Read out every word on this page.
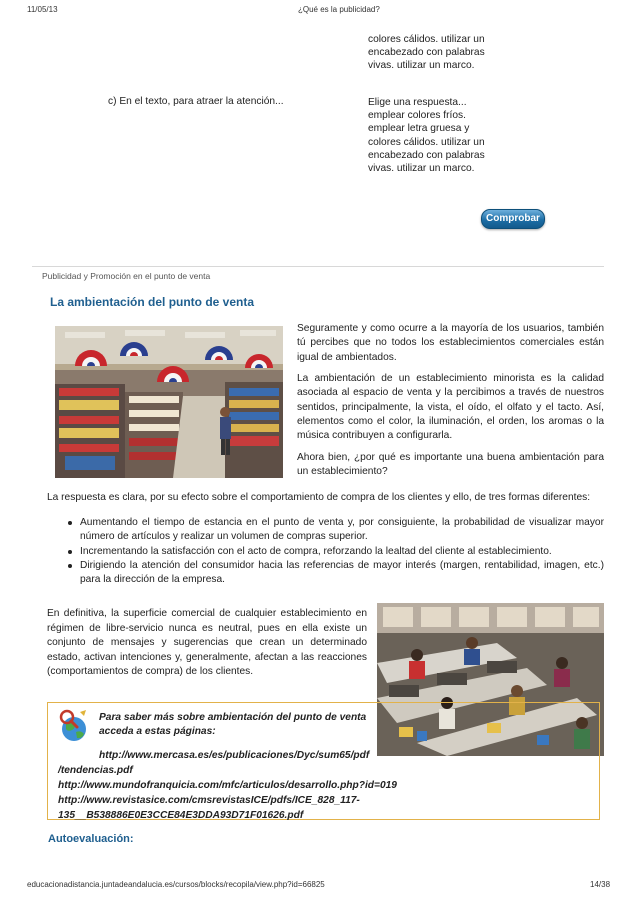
11/05/13	¿Qué es la publicidad?
colores cálidos. utilizar un encabezado con palabras vivas. utilizar un marco.
c) En el texto, para atraer la atención...	Elige una respuesta... emplear colores fríos. emplear letra gruesa y colores cálidos. utilizar un encabezado con palabras vivas. utilizar un marco.
Comprobar
Publicidad y Promoción en el punto de venta
La ambientación del punto de venta

Seguramente y como ocurre a la mayoría de los usuarios, también tú percibes que no todos los establecimientos comerciales están igual de ambientados.

La ambientación de un establecimiento minorista es la calidad asociada al espacio de venta y la percibimos a través de nuestros sentidos, principalmente, la vista, el oído, el olfato y el tacto. Así, elementos como el color, la iluminación, el orden, los aromas o la música contribuyen a configurarla.

Ahora bien, ¿por qué es importante una buena ambientación para un establecimiento?

La respuesta es clara, por su efecto sobre el comportamiento de compra de los clientes y ello, de tres formas diferentes:

Aumentando el tiempo de estancia en el punto de venta y, por consiguiente, la probabilidad de visualizar mayor número de artículos y realizar un volumen de compras superior.
Incrementando la satisfacción con el acto de compra, reforzando la lealtad del cliente al establecimiento.
Dirigiendo la atención del consumidor hacia las referencias de mayor interés (margen, rentabilidad, imagen, etc.) para la dirección de la empresa.

En definitiva, la superficie comercial de cualquier establecimiento en régimen de libre-servicio nunca es neutral, pues en ella existe un conjunto de mensajes y sugerencias que crean un determinado estado, activan intenciones y, generalmente, afectan a las reacciones (comportamientos de compra) de los clientes.

Para saber más sobre ambientación del punto de venta acceda a estas páginas:
http://www.mercasa.es/es/publicaciones/Dyc/sum65/pdf
/tendencias.pdf
http://www.mundofranquicia.com/mfc/articulos/desarrollo.php?id=019
http://www.revistasice.com/cmsrevistasICE/pdfs/ICE_828_117-
135__B538886E0E3CCE84E3DDA93D71F01626.pdf
Autoevaluación:
educacionadistancia.juntadeandalucia.es/cursos/blocks/recopila/view.php?id=66825	14/38
